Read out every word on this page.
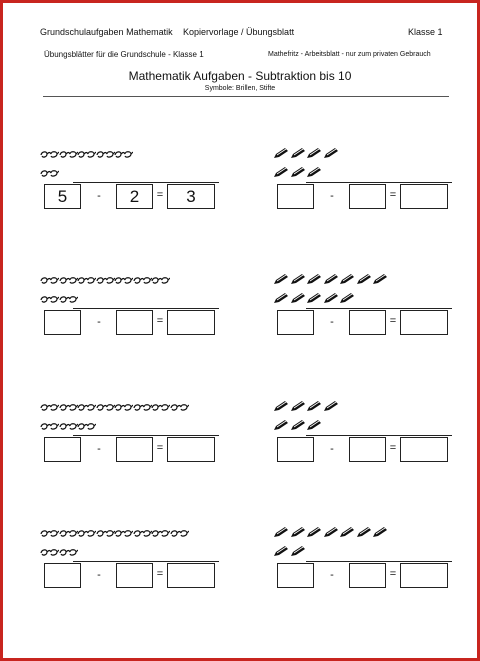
Grundschulaufgaben Mathematik Kopiervorlage / Übungsblatt	Klasse 1
Übungsblätter für die Grundschule - Klasse 1	Mathefritz - Arbeitsblatt - nur zum privaten Gebrauch
Mathematik Aufgaben - Subtraktion bis 10
Symbole: Brillen, Stifte
5	-	2	=	3	-	=
-	=	-	=
-	=	-	=
-	=	-	=
